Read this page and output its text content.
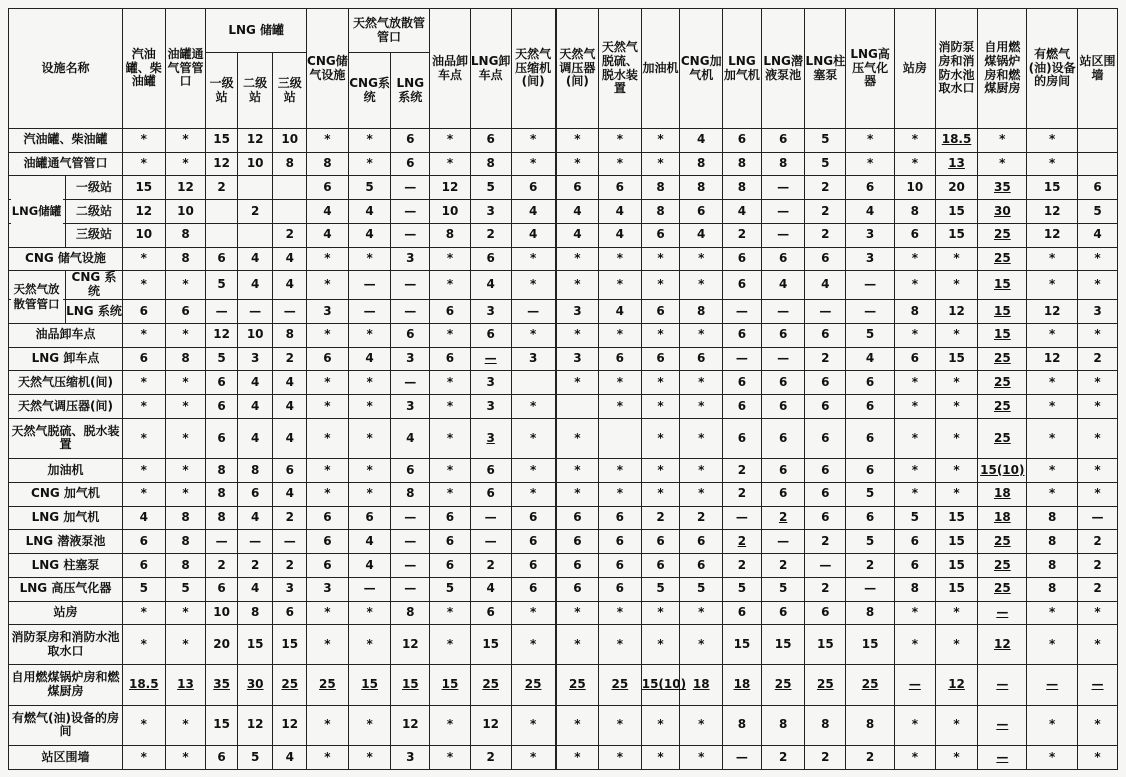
设施名称	汽油罐、柴油罐	油罐通气管管口	LNG 储罐			CNG储气设施	天然气放散管管口		油品卸车点	LNG卸车点	天然气压缩机(间)	天然气调压器(间)	天然气脱硫、脱水装置	加油机	CNG加气机	LNG加气机	LNG潜液泵池	LNG柱塞泵	LNG高压气化器	站房	消防泵房和消防水池取水口	自用燃煤锅炉房和燃煤厨房	有燃气(油)设备的房间	站区围墙
			一级站	二级站	三级站		CNG系统	LNG系统																
汽油罐、柴油罐	*	*	15	12	10	*	*	6	*	6	*	*	*	*	4	6	6	5	*	*	18.5	*	*	
油罐通气管管口	*	*	12	10	8	8	*	6	*	8	*	*	*	*	8	8	8	5	*	*	13	*	*	

一级站	15	12	2			6	5	—	12	5	6	6	6	8	8	8	—	2	6	10	20	35	15	6

二级站	12	10		2		4	4	—	10	3	4	4	4	8	6	4	—	2	4	8	15	30	12	5

三级站	10	8			2	4	4	—	8	2	4	4	4	6	4	2	—	2	3	6	15	25	12	4
CNG 储气设施	*	8	6	4	4	*	*	3	*	6	*	*	*	*	*	6	6	6	3	*	*	25	*	*

CNG 系统	*	*	5	4	4	*	—	—	*	4	*	*	*	*	*	6	4	4	—	*	*	15	*	*

LNG 系统	6	6	—	—	—	3	—	—	6	3	—	3	4	6	8	—	—	—	—	8	12	15	12	3
油品卸车点	*	*	12	10	8	*	*	6	*	6	*	*	*	*	*	6	6	6	5	*	*	15	*	*
LNG 卸车点	6	8	5	3	2	6	4	3	6	—	3	3	6	6	6	—	—	2	4	6	15	25	12	2
天然气压缩机(间)	*	*	6	4	4	*	*	—	*	3		*	*	*	*	6	6	6	6	*	*	25	*	*
天然气调压器(间)	*	*	6	4	4	*	*	3	*	3	*		*	*	*	6	6	6	6	*	*	25	*	*
天然气脱硫、脱水装置	*	*	6	4	4	*	*	4	*	3	*	*		*	*	6	6	6	6	*	*	25	*	*
加油机	*	*	8	8	6	*	*	6	*	6	*	*	*	*	*	2	6	6	6	*	*	15(10)	*	*
CNG 加气机	*	*	8	6	4	*	*	8	*	6	*	*	*	*	*	2	6	6	5	*	*	18	*	*
LNG 加气机	4	8	8	4	2	6	6	—	6	—	6	6	6	2	2	—	2	6	6	5	15	18	8	—
LNG 潜液泵池	6	8	—	—	—	6	4	—	6	—	6	6	6	6	6	2	—	2	5	6	15	25	8	2
LNG 柱塞泵	6	8	2	2	2	6	4	—	6	2	6	6	6	6	6	2	2	—	2	6	15	25	8	2
LNG 高压气化器	5	5	6	4	3	3	—	—	5	4	6	6	6	5	5	5	5	2	—	8	15	25	8	2
站房	*	*	10	8	6	*	*	8	*	6	*	*	*	*	*	6	6	6	8	*	*	—	*	*
消防泵房和消防水池取水口	*	*	20	15	15	*	*	12	*	15	*	*	*	*	*	15	15	15	15	*	*	12	*	*
自用燃煤锅炉房和燃煤厨房	18.5	13	35	30	25	25	15	15	15	25	25	25	25	15(10)	18	18	25	25	25	—	12	—	—	—
有燃气(油)设备的房间	*	*	15	12	12	*	*	12	*	12	*	*	*	*	*	8	8	8	8	*	*	—	*	*
站区围墙	*	*	6	5	4	*	*	3	*	2	*	*	*	*	*	—	2	2	2	*	*	—	*	*
LNG储罐
天然气放散管管口
